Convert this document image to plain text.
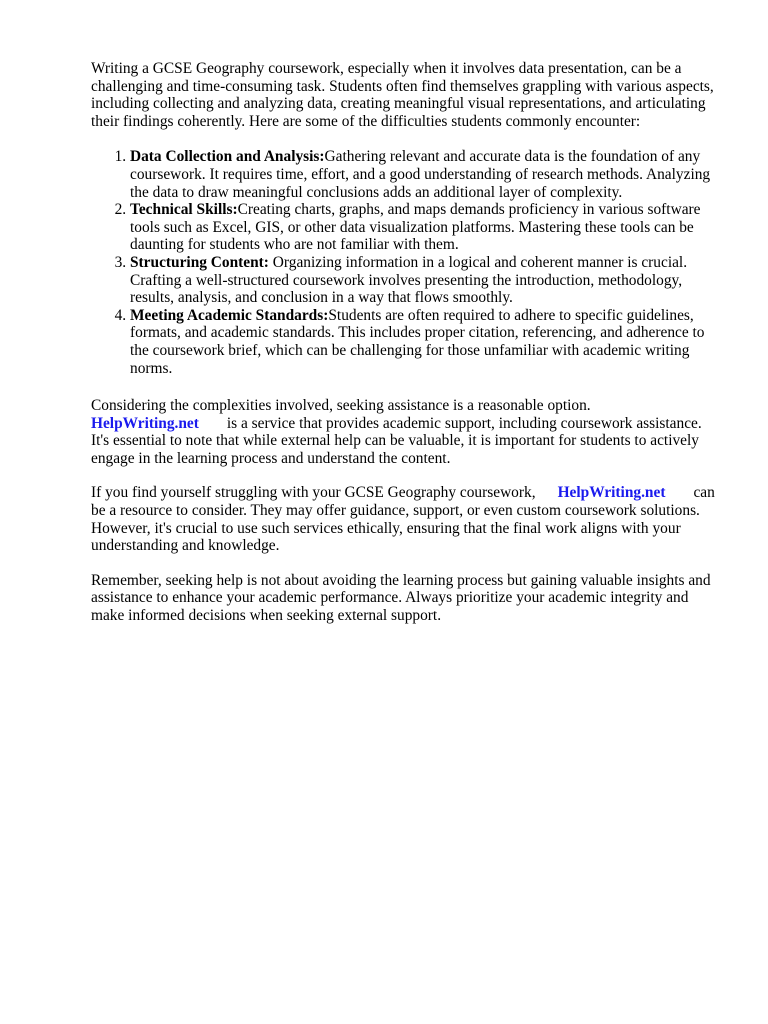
Writing a GCSE Geography coursework, especially when it involves data presentation, can be a challenging and time-consuming task. Students often find themselves grappling with various aspects, including collecting and analyzing data, creating meaningful visual representations, and articulating their findings coherently. Here are some of the difficulties students commonly encounter:

1. Data Collection and Analysis:Gathering relevant and accurate data is the foundation of any coursework. It requires time, effort, and a good understanding of research methods. Analyzing the data to draw meaningful conclusions adds an additional layer of complexity.
2. Technical Skills:Creating charts, graphs, and maps demands proficiency in various software tools such as Excel, GIS, or other data visualization platforms. Mastering these tools can be daunting for students who are not familiar with them.
3. Structuring Content: Organizing information in a logical and coherent manner is crucial. Crafting a well-structured coursework involves presenting the introduction, methodology, results, analysis, and conclusion in a way that flows smoothly.
4. Meeting Academic Standards:Students are often required to adhere to specific guidelines, formats, and academic standards. This includes proper citation, referencing, and adherence to the coursework brief, which can be challenging for those unfamiliar with academic writing norms.

Considering the complexities involved, seeking assistance is a reasonable option.
HelpWriting.net is a service that provides academic support, including coursework assistance. It's essential to note that while external help can be valuable, it is important for students to actively engage in the learning process and understand the content.

If you find yourself struggling with your GCSE Geography coursework, HelpWriting.net can be a resource to consider. They may offer guidance, support, or even custom coursework solutions. However, it's crucial to use such services ethically, ensuring that the final work aligns with your understanding and knowledge.

Remember, seeking help is not about avoiding the learning process but gaining valuable insights and assistance to enhance your academic performance. Always prioritize your academic integrity and make informed decisions when seeking external support.
